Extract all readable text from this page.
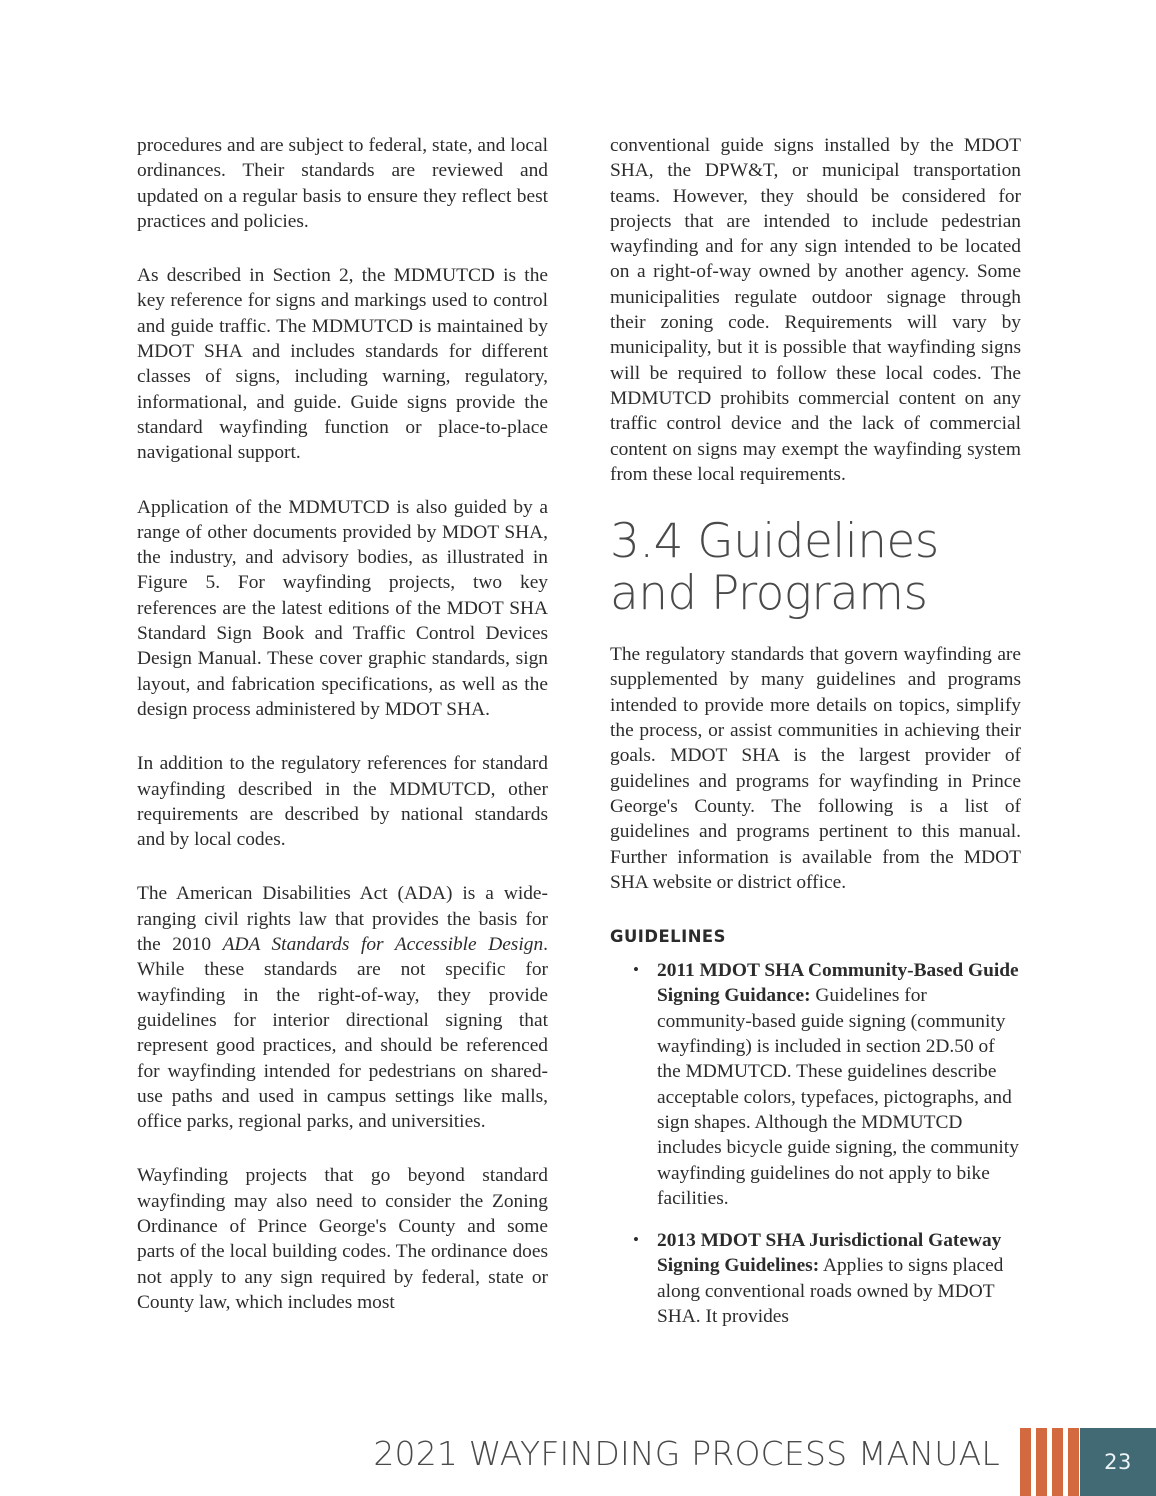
procedures and are subject to federal, state, and local ordinances. Their standards are reviewed and updated on a regular basis to ensure they reflect best practices and policies.

As described in Section 2, the MDMUTCD is the key reference for signs and markings used to control and guide traffic. The MDMUTCD is maintained by MDOT SHA and includes standards for different classes of signs, including warning, regulatory, informational, and guide. Guide signs provide the standard wayfinding function or place-to-place navigational support.

Application of the MDMUTCD is also guided by a range of other documents provided by MDOT SHA, the industry, and advisory bodies, as illustrated in Figure 5. For wayfinding projects, two key references are the latest editions of the MDOT SHA Standard Sign Book and Traffic Control Devices Design Manual. These cover graphic standards, sign layout, and fabrication specifications, as well as the design process administered by MDOT SHA.

In addition to the regulatory references for standard wayfinding described in the MDMUTCD, other requirements are described by national standards and by local codes.

The American Disabilities Act (ADA) is a wide-ranging civil rights law that provides the basis for the 2010 ADA Standards for Accessible Design. While these standards are not specific for wayfinding in the right-of-way, they provide guidelines for interior directional signing that represent good practices, and should be referenced for wayfinding intended for pedestrians on shared-use paths and used in campus settings like malls, office parks, regional parks, and universities.

Wayfinding projects that go beyond standard wayfinding may also need to consider the Zoning Ordinance of Prince George's County and some parts of the local building codes. The ordinance does not apply to any sign required by federal, state or County law, which includes most

conventional guide signs installed by the MDOT SHA, the DPW&T, or municipal transportation teams. However, they should be considered for projects that are intended to include pedestrian wayfinding and for any sign intended to be located on a right-of-way owned by another agency. Some municipalities regulate outdoor signage through their zoning code. Requirements will vary by municipality, but it is possible that wayfinding signs will be required to follow these local codes. The MDMUTCD prohibits commercial content on any traffic control device and the lack of commercial content on signs may exempt the wayfinding system from these local requirements.

3.4 Guidelines and Programs

The regulatory standards that govern wayfinding are supplemented by many guidelines and programs intended to provide more details on topics, simplify the process, or assist communities in achieving their goals. MDOT SHA is the largest provider of guidelines and programs for wayfinding in Prince George's County. The following is a list of guidelines and programs pertinent to this manual. Further information is available from the MDOT SHA website or district office.

GUIDELINES
• 2011 MDOT SHA Community-Based Guide Signing Guidance: Guidelines for community-based guide signing (community wayfinding) is included in section 2D.50 of the MDMUTCD. These guidelines describe acceptable colors, typefaces, pictographs, and sign shapes. Although the MDMUTCD includes bicycle guide signing, the community wayfinding guidelines do not apply to bike facilities.
• 2013 MDOT SHA Jurisdictional Gateway Signing Guidelines: Applies to signs placed along conventional roads owned by MDOT SHA. It provides
2021 WAYFINDING PROCESS MANUAL	23
